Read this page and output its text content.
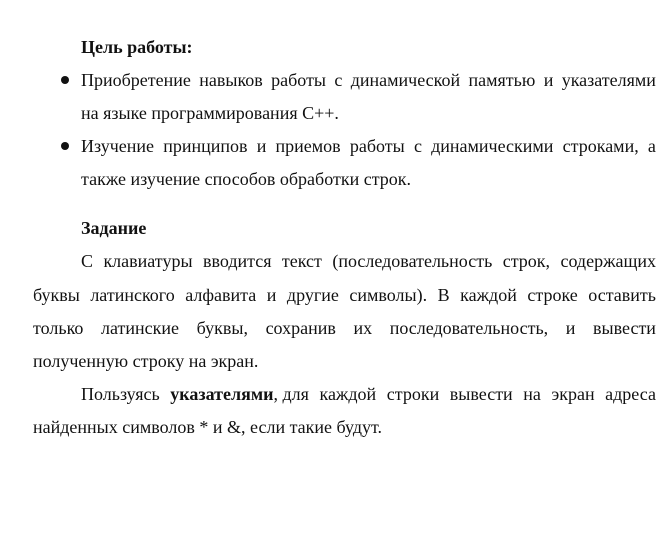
Цель работы:
Приобретение навыков работы с динамической памятью и указателями
на языке программирования C++.
Изучение принципов и приемов работы с динамическими строками, а
также изучение способов обработки строк.
Задание
С клавиатуры вводится текст (последовательность строк, содержащих
буквы латинского алфавита и другие символы). В каждой строке оставить
только латинские буквы, сохранив их последовательность, и вывести
полученную строку на экран.
Пользуясь указателями, для каждой строки вывести на экран адреса
найденных символов * и &, если такие будут.
